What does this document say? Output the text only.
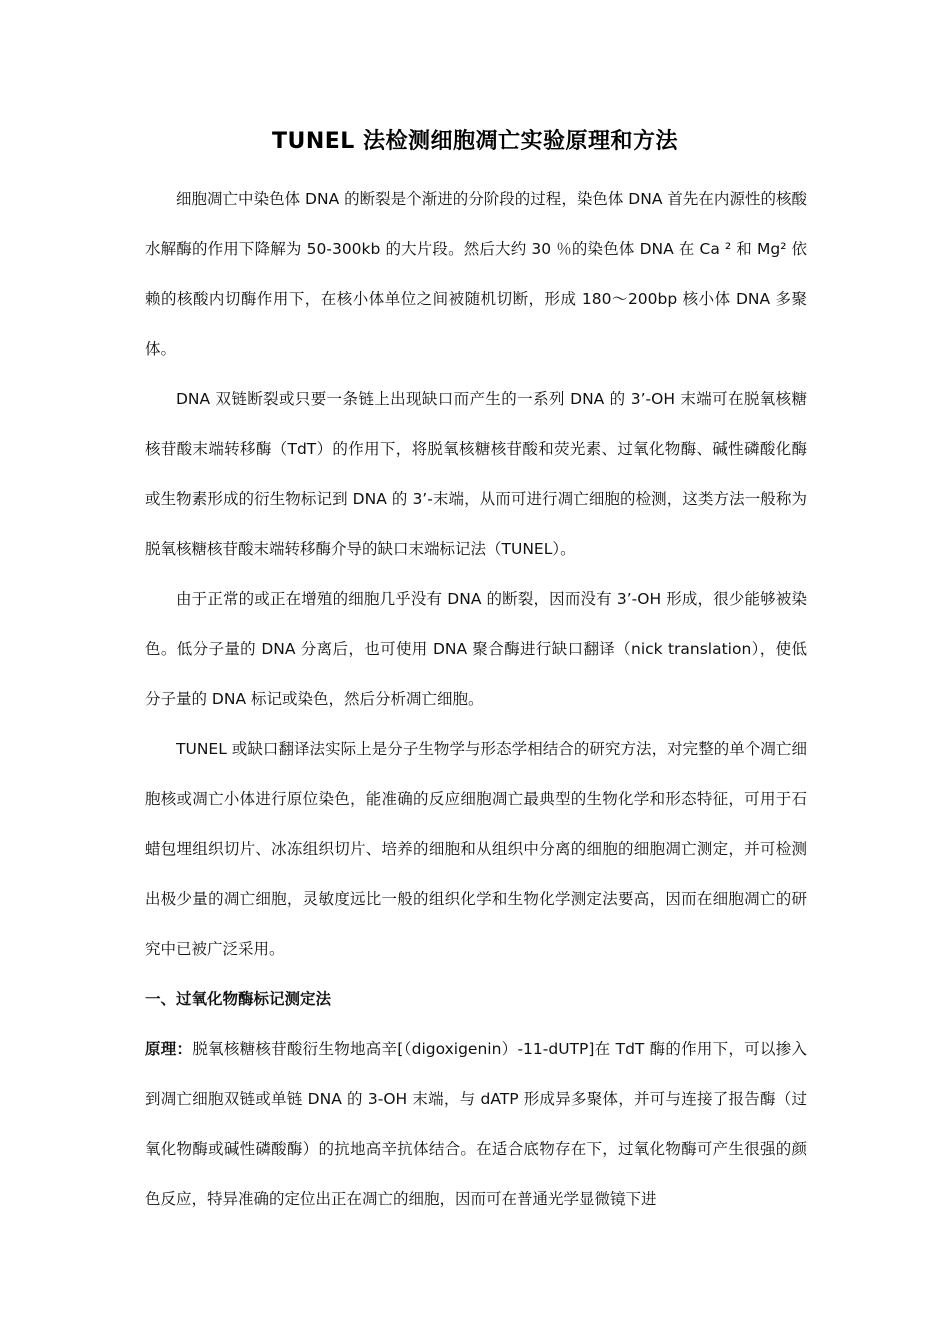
TUNEL 法检测细胞凋亡实验原理和方法

细胞凋亡中染色体 DNA 的断裂是个渐进的分阶段的过程，染色体 DNA 首先在内源性的核酸水解酶的作用下降解为 50-300kb 的大片段。然后大约 30 ％的染色体 DNA 在 Ca ² 和 Mg² 依赖的核酸内切酶作用下，在核小体单位之间被随机切断，形成 180～200bp 核小体 DNA 多聚体。

DNA 双链断裂或只要一条链上出现缺口而产生的一系列 DNA 的 3’-OH 末端可在脱氧核糖核苷酸末端转移酶（TdT）的作用下，将脱氧核糖核苷酸和荧光素、过氧化物酶、碱性磷酸化酶或生物素形成的衍生物标记到 DNA 的 3’-末端，从而可进行凋亡细胞的检测，这类方法一般称为脱氧核糖核苷酸末端转移酶介导的缺口末端标记法（TUNEL）。

由于正常的或正在增殖的细胞几乎没有 DNA 的断裂，因而没有 3’-OH 形成，很少能够被染色。低分子量的 DNA 分离后，也可使用 DNA 聚合酶进行缺口翻译（nick translation），使低分子量的 DNA 标记或染色，然后分析凋亡细胞。

TUNEL 或缺口翻译法实际上是分子生物学与形态学相结合的研究方法，对完整的单个凋亡细胞核或凋亡小体进行原位染色，能准确的反应细胞凋亡最典型的生物化学和形态特征，可用于石蜡包埋组织切片、冰冻组织切片、培养的细胞和从组织中分离的细胞的细胞凋亡测定，并可检测出极少量的凋亡细胞，灵敏度远比一般的组织化学和生物化学测定法要高，因而在细胞凋亡的研究中已被广泛采用。

一、过氧化物酶标记测定法

原理：脱氧核糖核苷酸衍生物地高辛[（digoxigenin）-11-dUTP]在 TdT 酶的作用下，可以掺入到凋亡细胞双链或单链 DNA 的 3-OH 末端，与 dATP 形成异多聚体，并可与连接了报告酶（过氧化物酶或碱性磷酸酶）的抗地高辛抗体结合。在适合底物存在下，过氧化物酶可产生很强的颜色反应，特异准确的定位出正在凋亡的细胞，因而可在普通光学显微镜下进
